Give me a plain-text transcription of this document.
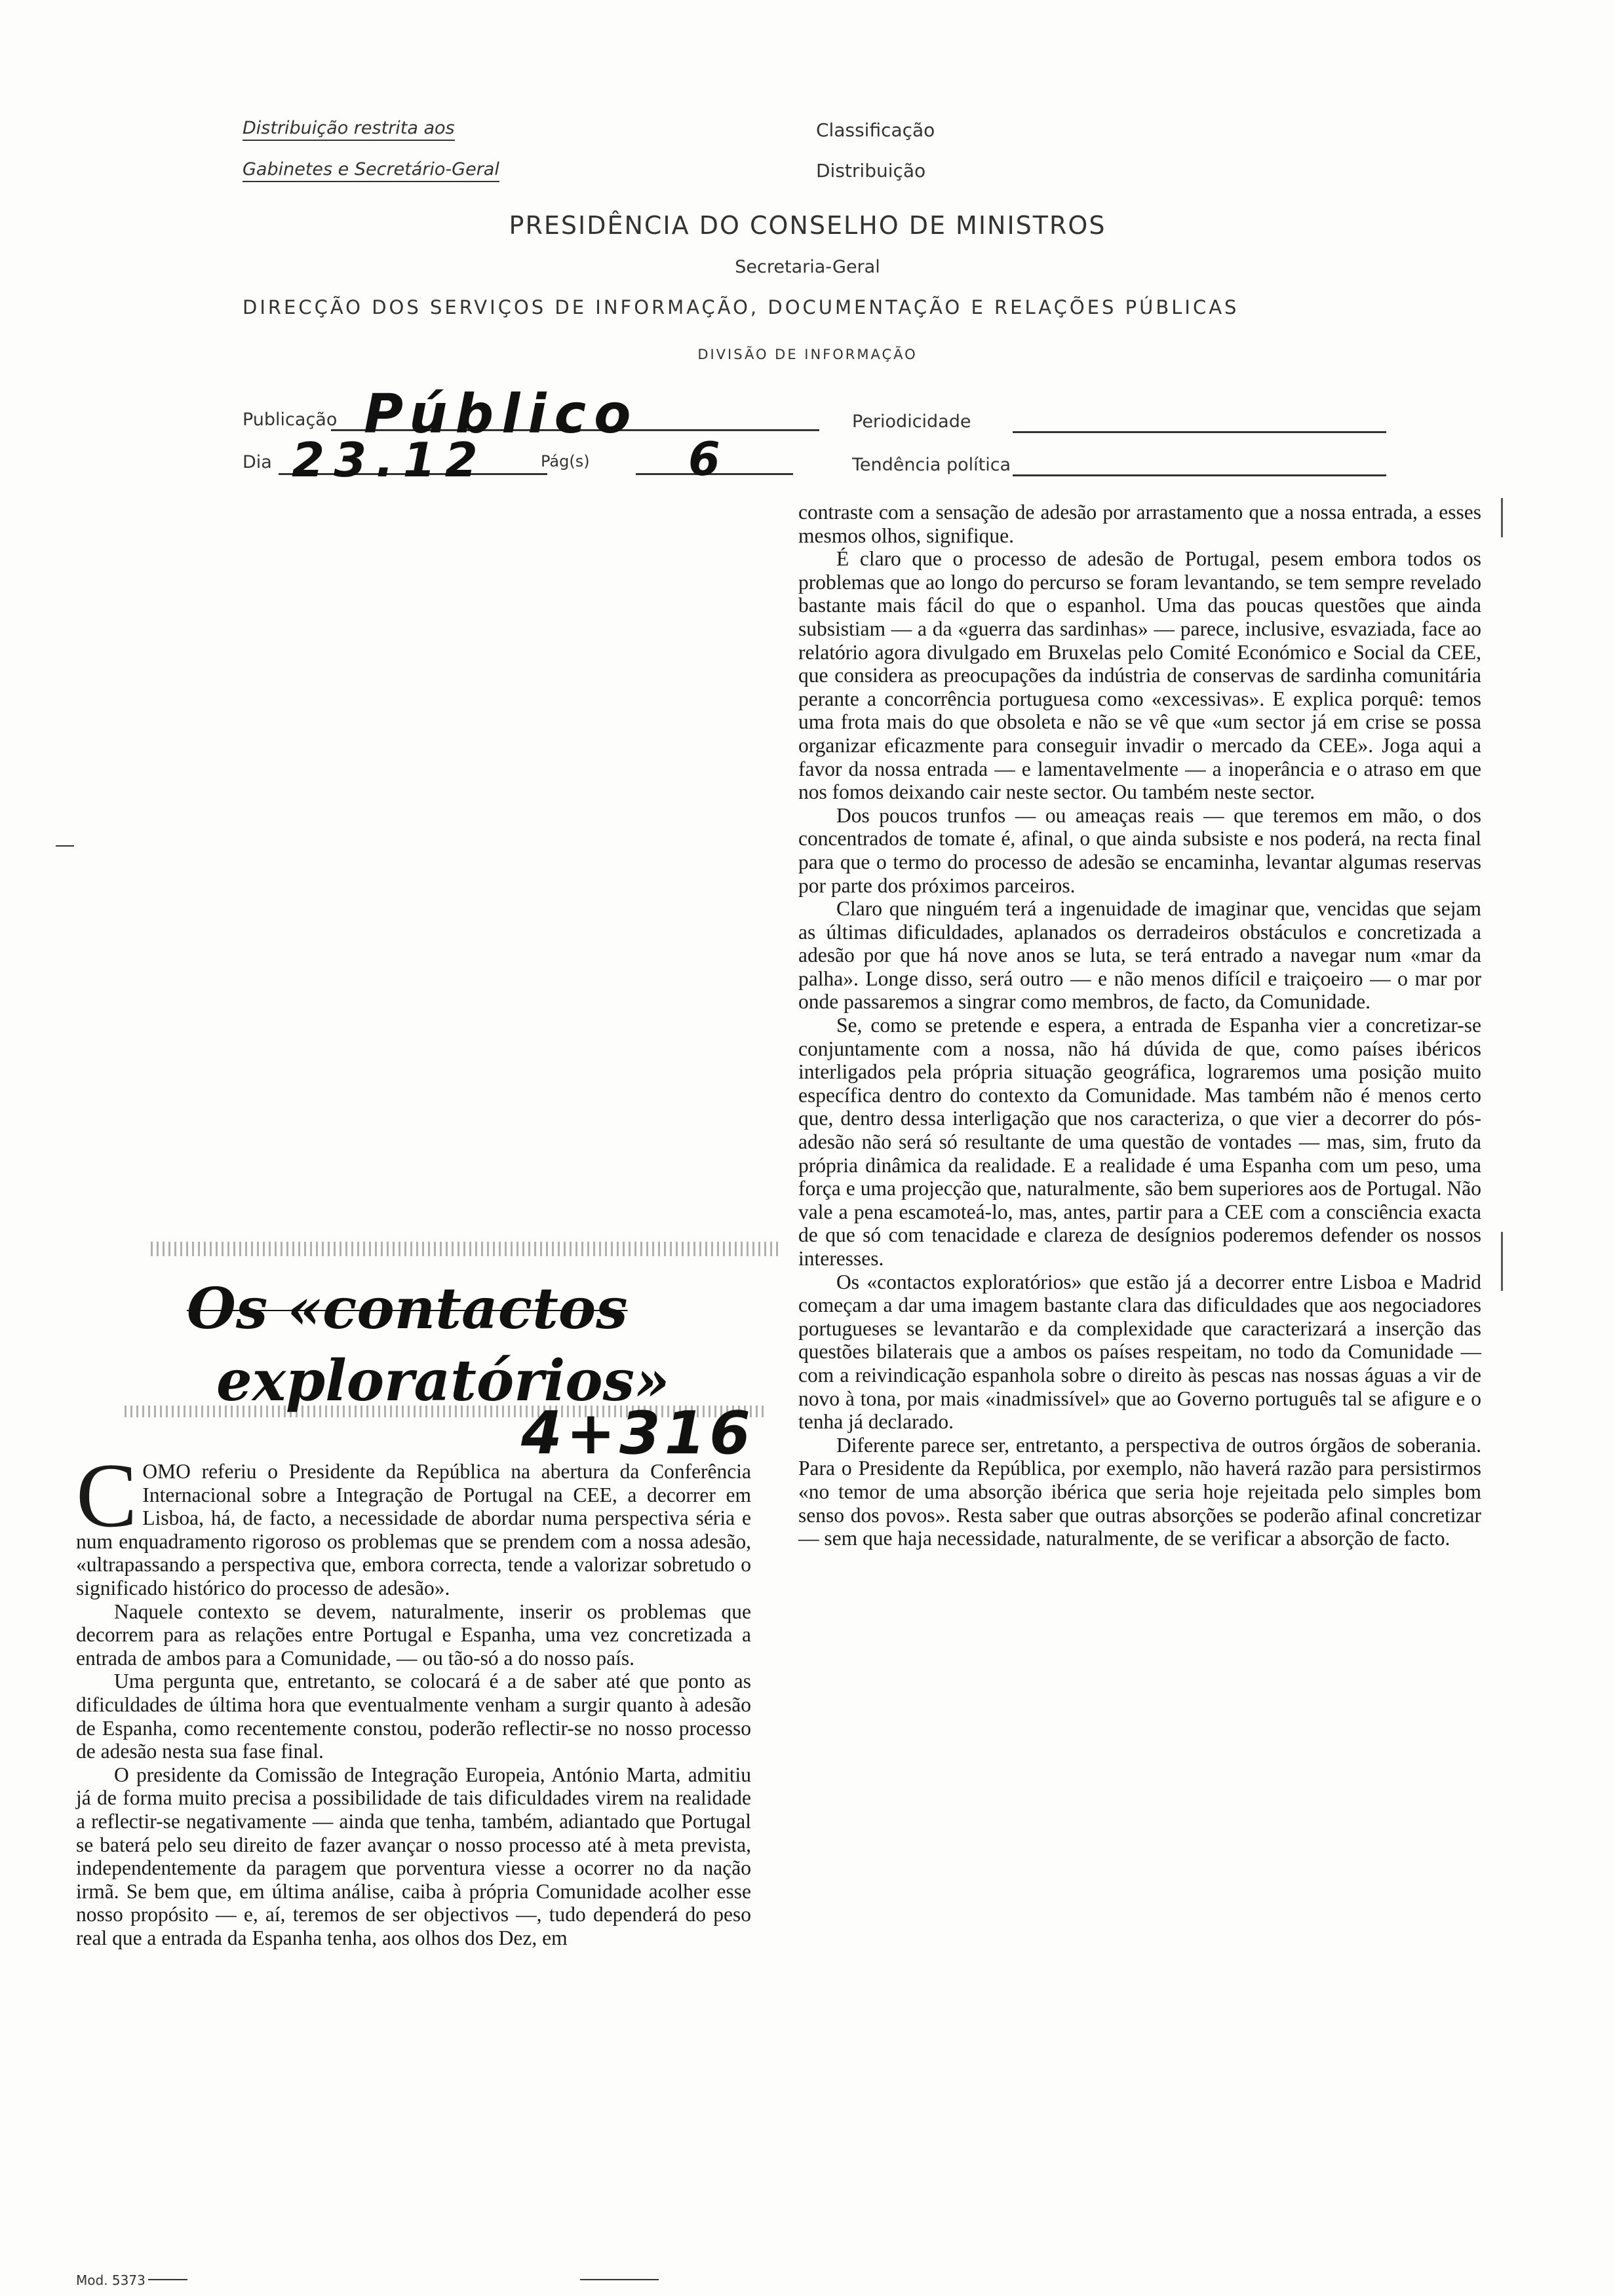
Distribuição restrita aos
Gabinetes e Secretário-Geral
Classificação
Distribuição
PRESIDÊNCIA DO CONSELHO DE MINISTROS
Secretaria-Geral
DIRECÇÃO DOS SERVIÇOS DE INFORMAÇÃO, DOCUMENTAÇÃO E RELAÇÕES PÚBLICAS
DIVISÃO DE INFORMAÇÃO
Publicação Público	Periodicidade
Dia 23.12	Pág(s) 6	Tendência política

contraste com a sensação de adesão por arrastamento que a nossa entrada, a esses mesmos olhos, signifique.

É claro que o processo de adesão de Portugal, pesem embora todos os problemas que ao longo do percurso se foram levantando, se tem sempre revelado bastante mais fácil do que o espanhol. Uma das poucas questões que ainda subsistiam — a da «guerra das sardinhas» — parece, inclusive, esvaziada, face ao relatório agora divulgado em Bruxelas pelo Comité Económico e Social da CEE, que considera as preocupações da indústria de conservas de sardinha comunitária perante a concorrência portuguesa como «excessivas». E explica porquê: temos uma frota mais do que obsoleta e não se vê que «um sector já em crise se possa organizar eficazmente para conseguir invadir o mercado da CEE». Joga aqui a favor da nossa entrada — e lamentavelmente — a inoperância e o atraso em que nos fomos deixando cair neste sector. Ou também neste sector.

Dos poucos trunfos — ou ameaças reais — que teremos em mão, o dos concentrados de tomate é, afinal, o que ainda subsiste e nos poderá, na recta final para que o termo do processo de adesão se encaminha, levantar algumas reservas por parte dos próximos parceiros.

Claro que ninguém terá a ingenuidade de imaginar que, vencidas que sejam as últimas dificuldades, aplanados os derradeiros obstáculos e concretizada a adesão por que há nove anos se luta, se terá entrado a navegar num «mar da palha». Longe disso, será outro — e não menos difícil e traiçoeiro — o mar por onde passaremos a singrar como membros, de facto, da Comunidade.

Se, como se pretende e espera, a entrada de Espanha vier a concretizar-se conjuntamente com a nossa, não há dúvida de que, como países ibéricos interligados pela própria situação geográfica, lograremos uma posição muito específica dentro do contexto da Comunidade. Mas também não é menos certo que, dentro dessa interligação que nos caracteriza, o que vier a decorrer do pós-adesão não será só resultante de uma questão de vontades — mas, sim, fruto da própria dinâmica da realidade. E a realidade é uma Espanha com um peso, uma força e uma projecção que, naturalmente, são bem superiores aos de Portugal. Não vale a pena escamoteá-lo, mas, antes, partir para a CEE com a consciência exacta de que só com tenacidade e clareza de desígnios poderemos defender os nossos interesses.

Os «contactos exploratórios» que estão já a decorrer entre Lisboa e Madrid começam a dar uma imagem bastante clara das dificuldades que aos negociadores portugueses se levantarão e da complexidade que caracterizará a inserção das questões bilaterais que a ambos os países respeitam, no todo da Comunidade — com a reivindicação espanhola sobre o direito às pescas nas nossas águas a vir de novo à tona, por mais «inadmissível» que ao Governo português tal se afigure e o tenha já declarado.

Diferente parece ser, entretanto, a perspectiva de outros órgãos de soberania. Para o Presidente da República, por exemplo, não haverá razão para persistirmos «no temor de uma absorção ibérica que seria hoje rejeitada pelo simples bom senso dos povos». Resta saber que outras absorções se poderão afinal concretizar — sem que haja necessidade, naturalmente, de se verificar a absorção de facto.

Os «contactos
exploratórios»
4+316

COMO referiu o Presidente da República na abertura da Conferência Internacional sobre a Integração de Portugal na CEE, a decorrer em Lisboa, há, de facto, a necessidade de abordar numa perspectiva séria e num enquadramento rigoroso os problemas que se prendem com a nossa adesão, «ultrapassando a perspectiva que, embora correcta, tende a valorizar sobretudo o significado histórico do processo de adesão».

Naquele contexto se devem, naturalmente, inserir os problemas que decorrem para as relações entre Portugal e Espanha, uma vez concretizada a entrada de ambos para a Comunidade, — ou tão-só a do nosso país.

Uma pergunta que, entretanto, se colocará é a de saber até que ponto as dificuldades de última hora que eventualmente venham a surgir quanto à adesão de Espanha, como recentemente constou, poderão reflectir-se no nosso processo de adesão nesta sua fase final.

O presidente da Comissão de Integração Europeia, António Marta, admitiu já de forma muito precisa a possibilidade de tais dificuldades virem na realidade a reflectir-se negativamente — ainda que tenha, também, adiantado que Portugal se baterá pelo seu direito de fazer avançar o nosso processo até à meta prevista, independentemente da paragem que porventura viesse a ocorrer no da nação irmã. Se bem que, em última análise, caiba à própria Comunidade acolher esse nosso propósito — e, aí, teremos de ser objectivos —, tudo dependerá do peso real que a entrada da Espanha tenha, aos olhos dos Dez, em

Mod. 5373
